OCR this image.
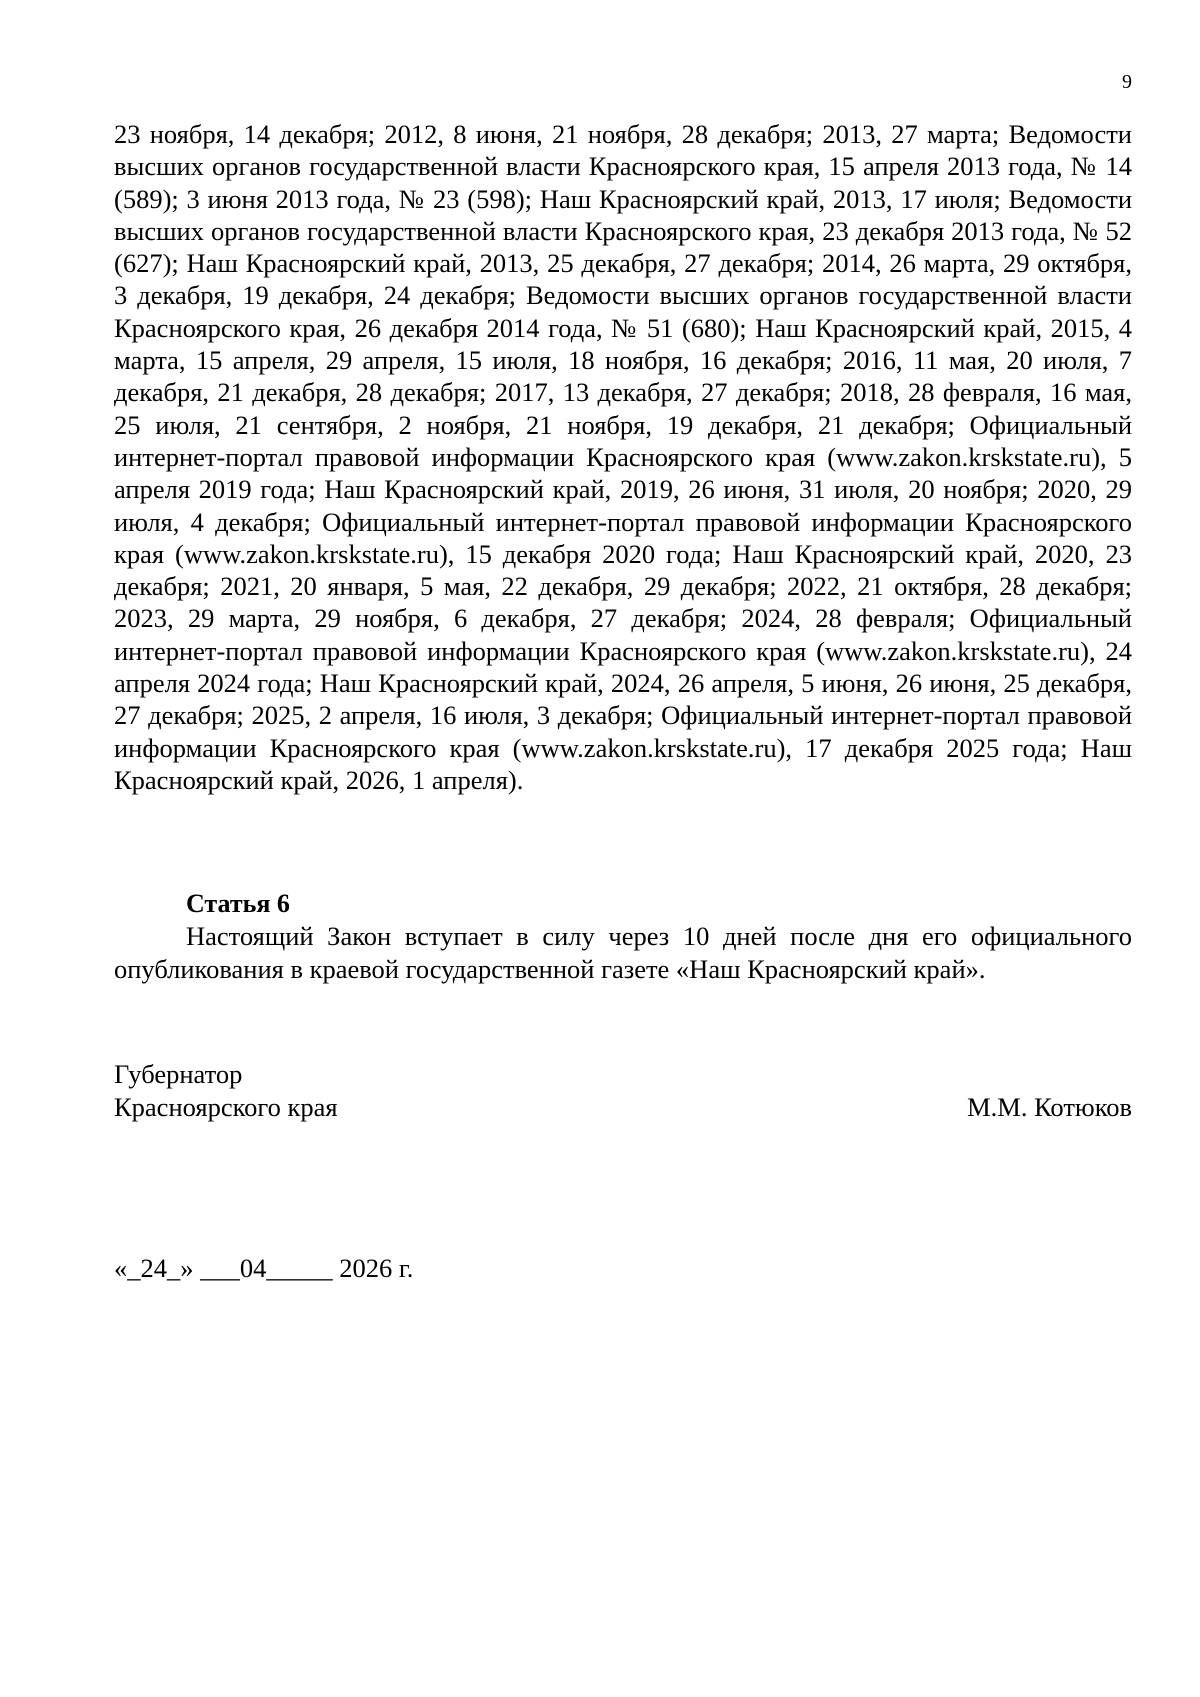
9

23 ноября, 14 декабря; 2012, 8 июня, 21 ноября, 28 декабря; 2013, 27 марта; Ведомости высших органов государственной власти Красноярского края, 15 апреля 2013 года, № 14 (589); 3 июня 2013 года, № 23 (598); Наш Красноярский край, 2013, 17 июля; Ведомости высших органов государственной власти Красноярского края, 23 декабря 2013 года, № 52 (627); Наш Красноярский край, 2013, 25 декабря, 27 декабря; 2014, 26 марта, 29 октября, 3 декабря, 19 декабря, 24 декабря; Ведомости высших органов государственной власти Красноярского края, 26 декабря 2014 года, № 51 (680); Наш Красноярский край, 2015, 4 марта, 15 апреля, 29 апреля, 15 июля, 18 ноября, 16 декабря; 2016, 11 мая, 20 июля, 7 декабря, 21 декабря, 28 декабря; 2017, 13 декабря, 27 декабря; 2018, 28 февраля, 16 мая, 25 июля, 21 сентября, 2 ноября, 21 ноября, 19 декабря, 21 декабря; Официальный интернет-портал правовой информации Красноярского края (www.zakon.krskstate.ru), 5 апреля 2019 года; Наш Красноярский край, 2019, 26 июня, 31 июля, 20 ноября; 2020, 29 июля, 4 декабря; Официальный интернет-портал правовой информации Красноярского края (www.zakon.krskstate.ru), 15 декабря 2020 года; Наш Красноярский край, 2020, 23 декабря; 2021, 20 января, 5 мая, 22 декабря, 29 декабря; 2022, 21 октября, 28 декабря; 2023, 29 марта, 29 ноября, 6 декабря, 27 декабря; 2024, 28 февраля; Официальный интернет-портал правовой информации Красноярского края (www.zakon.krskstate.ru), 24 апреля 2024 года; Наш Красноярский край, 2024, 26 апреля, 5 июня, 26 июня, 25 декабря, 27 декабря; 2025, 2 апреля, 16 июля, 3 декабря; Официальный интернет-портал правовой информации Красноярского края (www.zakon.krskstate.ru), 17 декабря 2025 года; Наш Красноярский край, 2026, 1 апреля).

Статья 6

Настоящий Закон вступает в силу через 10 дней после дня его официального опубликования в краевой государственной газете «Наш Красноярский край».

Губернатор
Красноярского края	М.М. Котюков
«_24_» ___04_____ 2026 г.
